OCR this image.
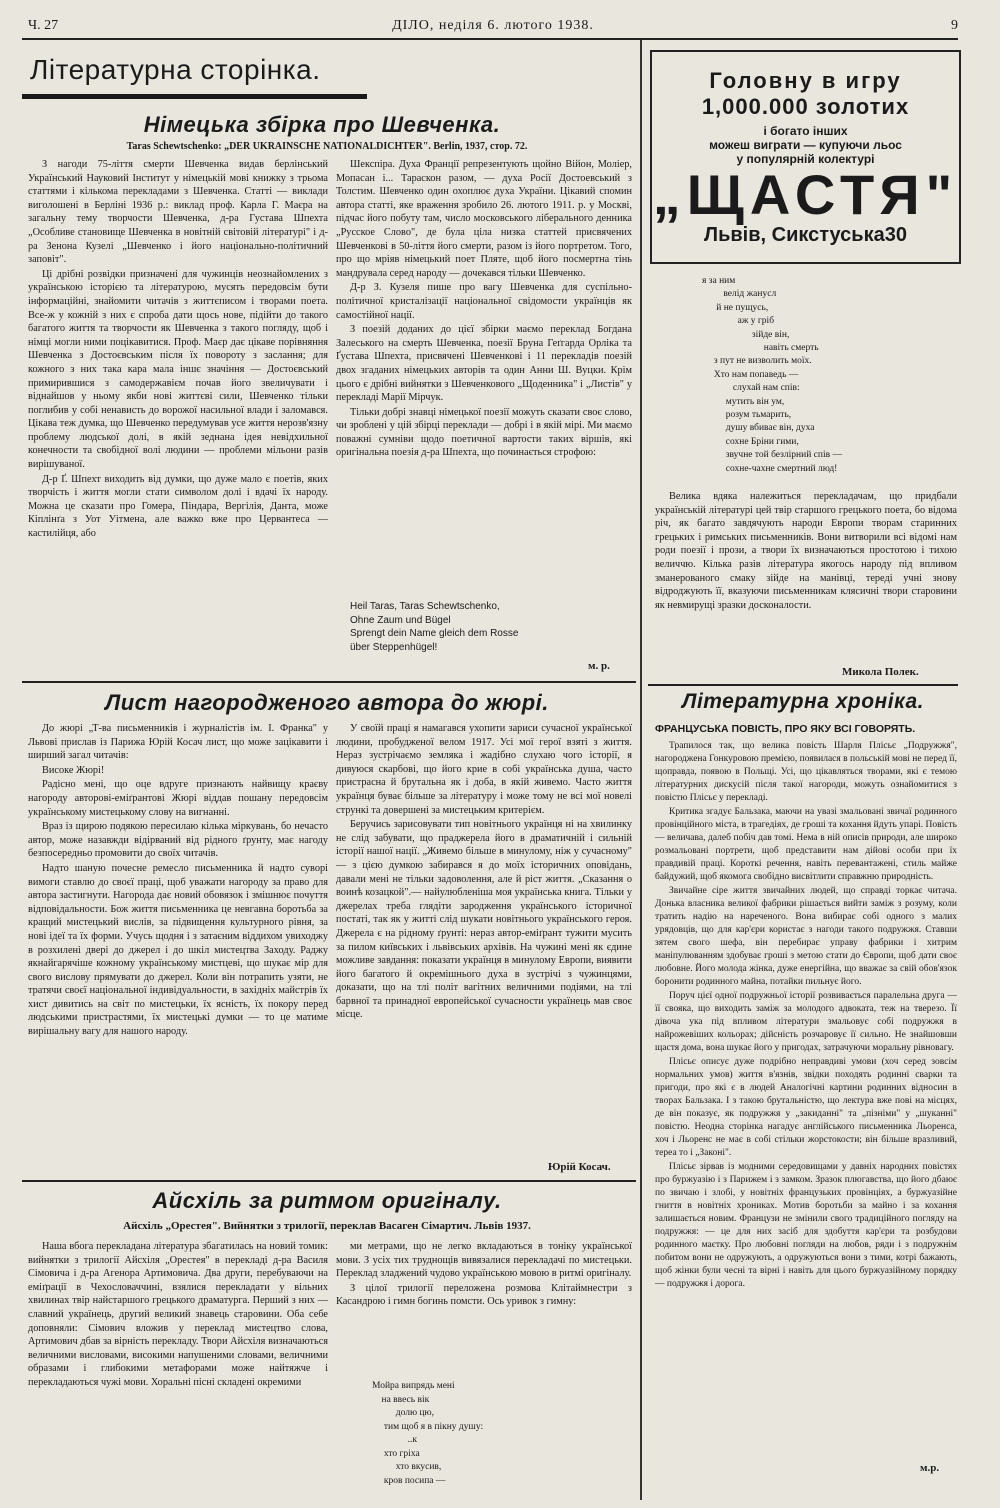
Ч. 27	ДІЛО, неділя 6. лютого 1938.	9
Літературна сторінка.
Німецька збірка про Шевченка.
Taras Schewtschenko: „DER UKRAINSCHE NATIONALDICHTER". Berlin, 1937, стор. 72.

З нагоди 75-ліття смерти Шевченка видав берлінський Український Науковий Інститут у німецькій мові книжку з трьома статтями і кількома перекладами з Шевченка. Статті — виклади виголошені в Берліні 1936 р.: виклад проф. Карла Г. Маєра на загальну тему творчости Шевченка, д-ра Густава Шпехта „Особливе становище Шевченка в новітній світовій літературі" і д-ра Зенона Кузелі „Шевченко і його національно-політичний заповіт".

Ці дрібні розвідки призначені для чужинців неознайомлених з українською історією та літературою, мусять передовсім бути інформаційні, знайомити читачів з життєписом і творами поета. Все-ж у кожній з них є спроба дати щось нове, підійти до такого багатого життя та творчости як Шевченка з такого погляду, щоб і німці могли ними поцікавитися. Проф. Маєр дає цікаве порівняння Шевченка з Достоєвським після їх повороту з заслання; для кожного з них така кара мала іншє значіння — Достоєвський примирившися з самодержавієм почав його звеличувати і віднайшов у ньому якби нові життєві сили, Шевченко тільки поглибив у собі ненависть до ворожої насильної влади і заломався. Цікава теж думка, що Шевченко передумував усе життя нерозв'язну проблему людської долі, в якій зеднана ідея невідхильної конечности та свобідної волі людини — проблеми мільони разів вирішуваної.

Д-р Ґ. Шпехт виходить від думки, що дуже мало є поетів, яких творчість і життя могли стати символом долі і вдачі їх народу. Можна це сказати про Гомера, Піндара, Вергілія, Данта, може Кіплінґа з Уот Уітмена, але важко вже про Цервантеса — кастилійця, або

Шекспіра. Духа Франції репрезентують щойно Війон, Моліер, Мопасан і... Тараскон разом, — духа Росії Достоевський з Толстим. Шевченко один охоплює духа України. Цікавий спомин автора статті, яке враження зробило 26. лютого 1911. р. у Москві, підчас його побуту там, число московського ліберального денника „Русское Слово", де була ціла низка статтей присвячених Шевченкові в 50-ліття його смерти, разом із його портретом. Того, про що мріяв німецький поет Пляте, щоб його посмертна тінь мандрувала серед народу — дочекався тільки Шевченко.

Д-р З. Кузеля пише про вагу Шевченка для суспільно-політичної кристалізації національної свідомости українців як самостійної нації.

З поезій доданих до цієї збірки маємо переклад Богдана Залеського на смерть Шевченка, поезії Бруна Геґгарда Орліка та Ґустава Шпехта, присвячені Шевченкові і 11 перекладів поезій двох згаданих німецьких авторів та один Анни Ш. Вуцки. Крім цього є дрібні вийнятки з Шевченкового „Щоденника" і „Листів" у перекладі Марії Мірчук.

Тільки добрі знавці німецької поезії можуть сказати своє слово, чи зроблені у цій збірці переклади — добрі і в якій мірі. Ми маємо поважні сумніви щодо поетичної вартости таких віршів, які оригінальна поезія д-ра Шпехта, що починається строфою:

Heil Taras, Taras Schewtschenko,
Ohne Zaum und Bügel
Sprengt dein Name gleich dem Rosse
über Steppenhügel!
м. р.
Головну в игру
1,000.000 золотих
і богато інших
можеш виграти — купуючи льос
у популярній колектурі
„ЩАСТЯ"
Львів, Сикстуська30
я за ним
велід жанусл
й не пущусь,
аж у гріб
зійде він,
навіть смерть
з пут не визволить моїх.
Хто нам попаведь —
слухай нам спів:
мутить він ум,
розум тьмарить,
душу вбиває він, духа
сохне Бріни гими,
звучне той безлірний спів —
сохне-чахне смертний люд!

Велика вдяка належиться перекладачам, що придбали українській літературі цей твір старшого грецького поета, бо відома річ, як багато завдячують народи Европи творам старинних грецьких і римських письменників. Вони витворили всі відомі нам роди поезії і прози, а твори їх визначаються простотою і тихою величчю. Кілька разів література якогось народу під впливом зманерованого смаку зійде на манівці, тереді учні знову відроджують її, вказуючи письменникам клясичні твори старовини як невмирущі зразки досконалости.

Микола Полек.
Лист нагородженого автора до жюрі.

До жюрі „Т-ва письменників і журналістів ім. І. Франка" у Львові прислав із Парижа Юрій Косач лист, що може зацікавити і ширший загал читачів:

Високе Жюрі!

Радісно мені, що оце вдруге признають найвищу краєву нагороду авторові-еміґрантові Жюрі віддав пошану передовсім українському мистецькому слову на вигнанні.

Враз із щирою подякою пересилаю кілька міркувань, бо нечасто автор, може назавжди відірваний від рідного ґрунту, має нагоду безпосередньо промовити до своїх читачів.

Надто шаную почесне ремесло письменника й надто суворі вимоги ставлю до своєї праці, щоб уважати нагороду за право для автора застигнути. Нагорода дає новий обовязок і змішнює почуття відповідальности. Бож життя письменника це невгавна боротьба за кращий мистецький вислів, за підвищення культурного рівня, за нові ідеї та їх форми. Учусь щодня і з затаєним віддихом увиходжу в розхилені двері до джерел і до шкіл мистецтва Заходу. Раджу якнайгарячіше кожному українському мистцеві, що шукає мір для свого вислову прямувати до джерел. Коли він потрапить узяти, не тратячи своєї національної індивідуальности, в західніх майстрів їх хист дивитись на світ по мистецьки, їх ясність, їх покору перед людськими пристрастями, їх мистецькі думки — то це матиме вирішальну вагу для нашого народу.

У своїй праці я намагався ухопити зариси сучасної української людини, пробудженої велом 1917. Усі мої герої взяті з життя. Нераз зустрічаємо земляка і жадібно слухаю чого історії, я дивуюся скарбові, що його крие в собі українська душа, часто пристрасна й брутальна як і доба, в якій живемо. Часто життя українця буває більше за літературу і може тому не всі мої новелі стрункі та довершені за мистецьким критерієм.

Беручись зарисовувати тип новітнього українця ні на хвилинку не слід забувати, що праджерела його в драматичній і сильній історії нашої нації. „Живемо більше в минулому, ніж у сучасному" — з цією думкою забирався я до моїх історичних оповідань, давали мені не тільки задоволення, але й ріст життя. „Сказання о воинѣ козацкой".— найулюбленіша моя українська книга. Тільки у джерелах треба глядіти зародження українського історичної постаті, так як у житті слід шукати новітнього українського героя. Джерела є на рідному ґрунті: нераз автор-еміґрант тужити мусить за пилом київських і львівських архівів. На чужині мені як єдине можливе завдання: показати українця в минулому Европи, виявити його багатого й окремішнього духа в зустрічі з чужинцями, доказати, що на тлі політ вагітних величними подіями, на тлі барвної та принадної европейської сучасности українець мав своє місце.

Юрій Косач.
Літературна хроніка.
ФРАНЦУСЬКА ПОВІСТЬ, ПРО ЯКУ ВСІ ГОВОРЯТЬ.

Трапилося так, що велика повість Шарля Плісьє „Подружжя", нагороджена Гонкуровою премією, появилася в польській мові не перед її, щоправда, появою в Польщі. Усі, що цікавляться творами, які є темою літературних дискусій після такої нагороди, можуть ознайомитися з повістю Плісьє у перекладі.

Критика згадує Бальзака, маючи на увазі змальовані звичаї родинного провінційного міста, в трагедіях, де гроші та кохання йдуть упарі. Повість — величава, далеб побіч дав томі. Нема в ній описів природи, але широко розмальовані портрети, щоб представити нам дійові особи при їх правдивій праці. Короткі речення, навіть перевантажені, стиль майже байдужий, щоб якомога свобідно висвітлити справжню природність.

Звичайне сіре життя звичайних людей, що справді торкає читача. Донька власника великої фабрики рішається вийти заміж з розуму, коли тратить надію на нареченого. Вона вибирає собі одного з малих урядовців, що для кар'єри користає з нагоди такого подружжя. Ставши зятем свого шефа, він перебирає управу фабрики і хитрим маніпулюванням здобуває гроші з метою стати до Європи, щоб дати своє любовне. Його молода жінка, дуже енергійна, що вважає за свій обов'язок боронити родинного майна, потайки пильнує його.

Поруч цієї одної подружньої історії розвивається паралельна друга — її свояка, що виходить заміж за молодого адвоката, теж на тверезо. Її дівоча ука під впливом літератури змальовує собі подружжя в найрожевіших кольорах; дійсність розчаровує її сильно. Не знайшовши щастя дома, вона шукає його у пригодах, затрачуючи моральну рівновагу.

Плісьє описує дуже подрібно неправдиві умови (хоч серед зовсім нормальних умов) життя в'язнів, звідки походять родинні сварки та пригоди, про які є в людей Аналогічні картини родинних відносин в творах Бальзака. І з такою брутальністю, що лектура вже пові на місцях, де він показує, як подружжя у „закиданні" та „пізніми" у „шуканні" повістю. Неодна сторінка нагадує англійського письменника Льоренса, хоч і Льоренс не має в собі стільки жорстокости; він більше вразливий, тереа то і „Законі".

Плісьє зірвав із модними середовищами у давніх народних повістях про буржуазію і з Парижем і з замком. Зразок плюгавства, що його дбаює по звичаю і злобі, у новітніх французьких провінціях, а буржуазійне гниття в новітніх хрониках. Мотив боротьби за майно і за кохання залишається новим. Французи не змінили свого традиційного погляду на подружжя: — це для них засіб для здобуття кар'єри та розбудови родинного маєтку. Про любовні погляди на любов, ряди і з подружнім побитом вони не одружують, а одружуються вони з тими, котрі бажають, щоб жінки були чесні та вірні і навіть для цього буржуазійному порядку — подружжя і дорога.

м.р.
Айсхіль за ритмом оригіналу.
Айсхіль „Орестея". Вийнятки з трилогії, переклав Васаген Сімартич. Львів 1937.

Наша вбога перекладана література збагатилась на новий томик: вийнятки з трилогії Айсхіля „Орестея" в перекладі д-ра Василя Сімовича і д-ра Агенора Артимовича. Два други, перебуваючи на еміґрації в Чехословаччині, взялися перекладати у вільних хвилинах твір найстаршого грецького драматурга. Перший з них — славний українець, другий великий знавець старовини. Оба себе доповняли: Сімович вложив у переклад мистецтво слова, Артимович дбав за вірність перекладу. Твори Айсхіля визначаються величними висловами, високими напушеними словами, величними образами і глибокими метафорами може найтяжче і перекладаються чужі мови. Хоральні пісні складені окремими

ми метрами, що не легко вкладаються в тоніку української мови. З усіх тих труднощів вивязалися перекладачі по мистецьки. Переклад зладжений чудово українською мовою в ритмі оригіналу.

З цілої трилогії переложена розмова Клітаймнестри з Касандрою і гимн богинь помсти. Ось уривок з гимну:

Мойра випрядь мені
на ввесь вік
долю цю,
тим щоб я в пікну душу:
..к
хто гріха
хто вкусив,
кров посипа —
